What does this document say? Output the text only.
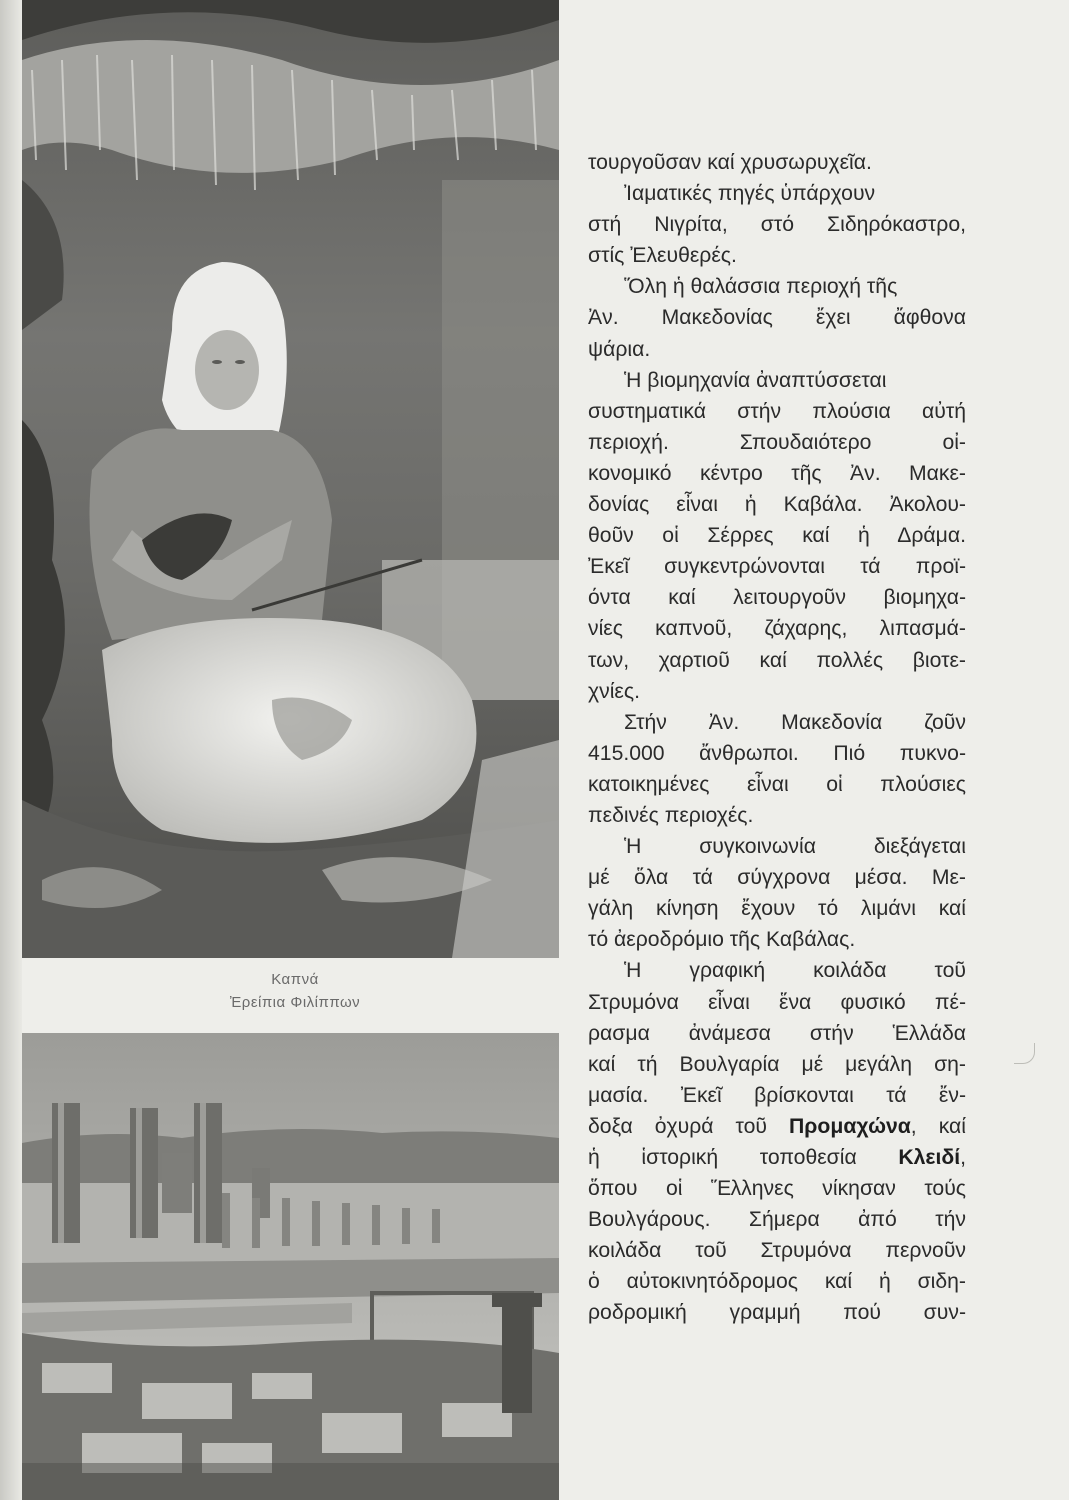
Καπνά
Ἐρείπια Φιλίππων
τουργοῦσαν καί χρυσωρυχεῖα.
Ἰαματικές πηγές ὑπάρχουν
στή Νιγρίτα, στό Σιδηρόκαστρο,
στίς Ἐλευθερές.
Ὅλη ἡ θαλάσσια περιοχή τῆς
Ἀν. Μακεδονίας ἔχει ἄφθονα
ψάρια.
Ἡ βιομηχανία ἀναπτύσσεται
συστηματικά στήν πλούσια αὐτή
περιοχή. Σπουδαιότερο οἰ-
κονομικό κέντρο τῆς Ἀν. Μακε-
δονίας εἶναι ἡ Καβάλα. Ἀκολου-
θοῦν οἱ Σέρρες καί ἡ Δράμα.
Ἐκεῖ συγκεντρώνονται τά προϊ-
όντα καί λειτουργοῦν βιομηχα-
νίες καπνοῦ, ζάχαρης, λιπασμά-
των, χαρτιοῦ καί πολλές βιοτε-
χνίες.
Στήν Ἀν. Μακεδονία ζοῦν
415.000 ἄνθρωποι. Πιό πυκνο-
κατοικημένες εἶναι οἱ πλούσιες
πεδινές περιοχές.
Ἡ συγκοινωνία διεξάγεται
μέ ὅλα τά σύγχρονα μέσα. Με-
γάλη κίνηση ἔχουν τό λιμάνι καί
τό ἀεροδρόμιο τῆς Καβάλας.
Ἡ γραφική κοιλάδα τοῦ
Στρυμόνα εἶναι ἕνα φυσικό πέ-
ρασμα ἀνάμεσα στήν Ἑλλάδα
καί τή Βουλγαρία μέ μεγάλη ση-
μασία. Ἐκεῖ βρίσκονται τά ἔν-
δοξα ὀχυρά τοῦ Προμαχώνα, καί
ἡ ἱστορική τοποθεσία Κλειδί,
ὅπου οἱ Ἕλληνες νίκησαν τούς
Βουλγάρους. Σήμερα ἀπό τήν
κοιλάδα τοῦ Στρυμόνα περνοῦν
ὁ αὐτοκινητόδρομος καί ἡ σιδη-
ροδρομική γραμμή πού συν-
